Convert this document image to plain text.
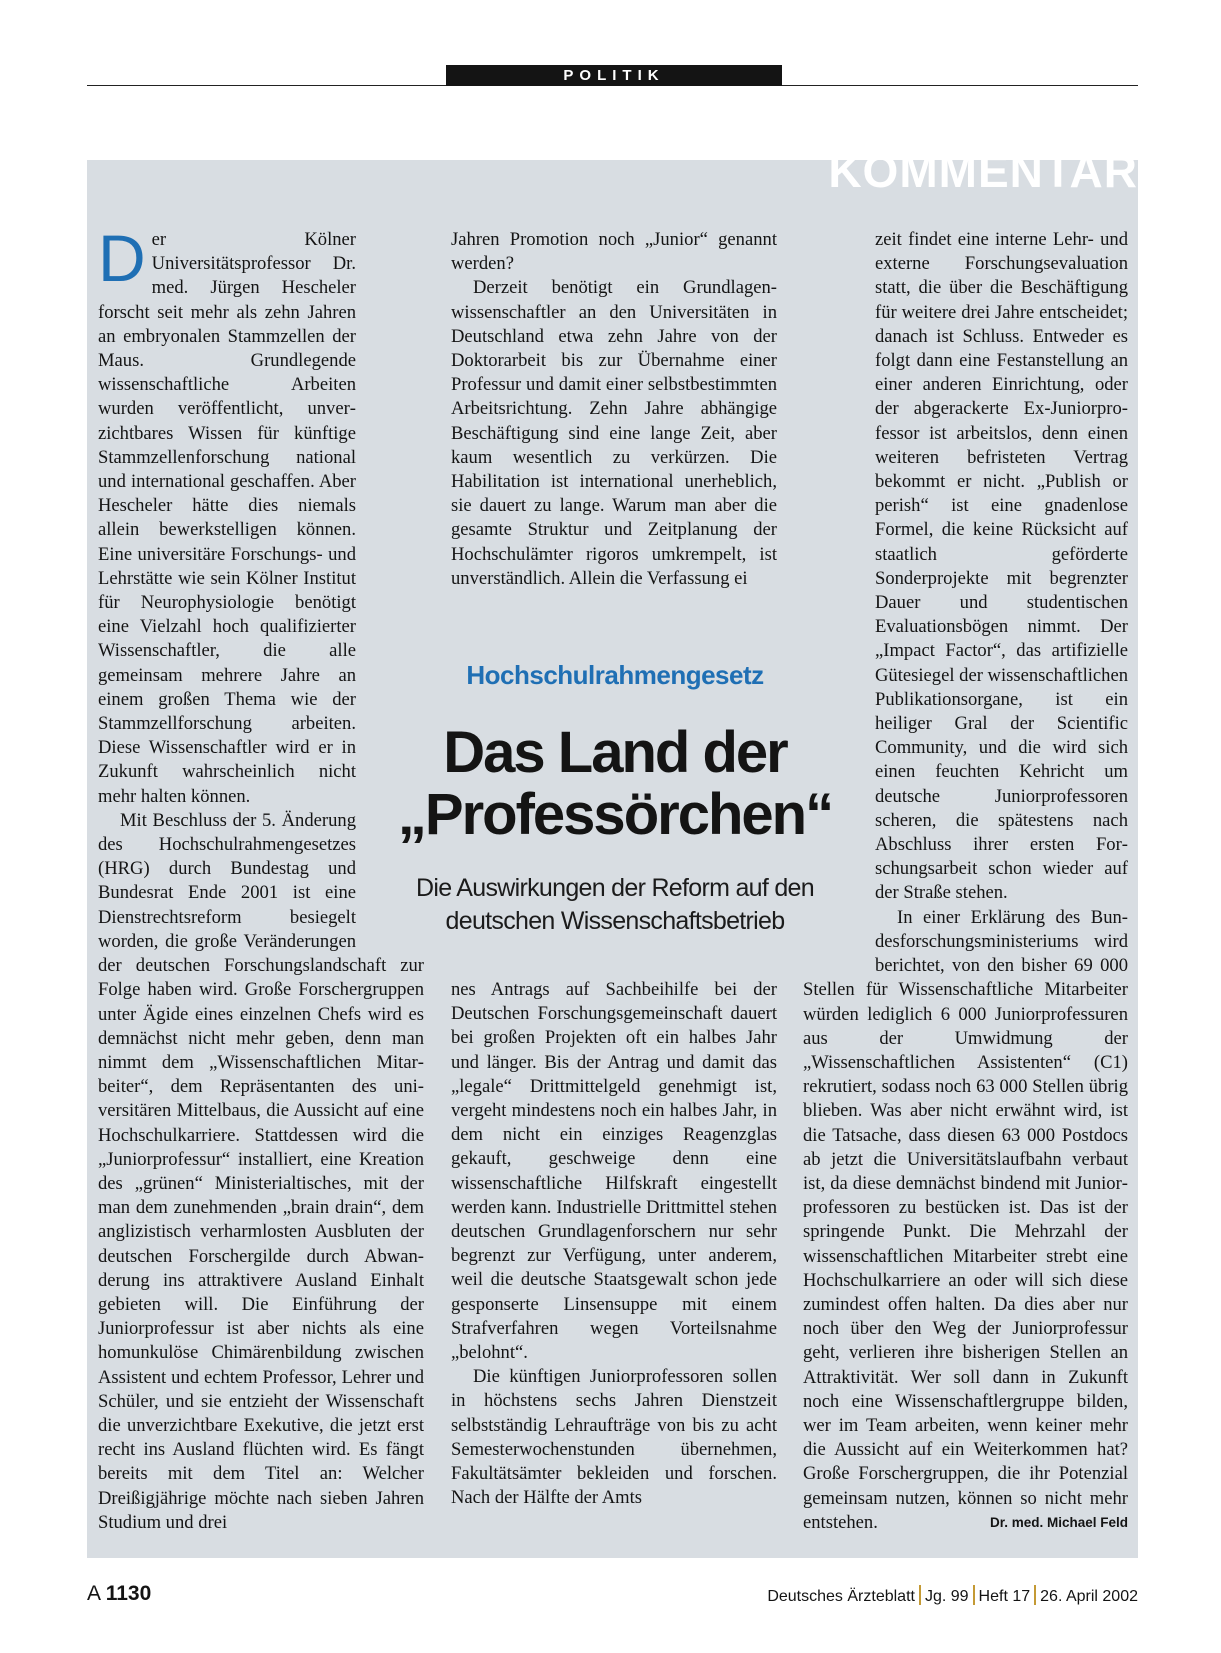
POLITIK
KOMMENTAR

Der Kölner Universitätsprofessor Dr. med. Jürgen Hescheler forscht seit mehr als zehn Jahren an embryonalen Stammzellen der Maus. Grundlegende wissenschaftliche Arbeiten wurden veröffentlicht, unverzichtbares Wissen für künftige Stammzellenforschung national und international geschaffen. Aber Hescheler hätte dies niemals allein bewerkstelligen können. Eine universitäre Forschungs- und Lehrstätte wie sein Kölner Institut für Neurophysiologie benötigt eine Vielzahl hoch qualifizierter Wissenschaftler, die alle gemeinsam mehrere Jahre an einem großen Thema wie der Stammzellforschung arbeiten. Diese Wissenschaftler wird er in Zukunft wahrscheinlich nicht mehr halten können.

Mit Beschluss der 5. Änderung des Hochschulrahmengesetzes (HRG) durch Bundestag und Bundesrat Ende 2001 ist eine Dienstrechtsreform besiegelt worden, die große Veränderungen der deutschen Forschungslandschaft zur Folge haben wird. Große Forschergruppen unter Ägide eines einzelnen Chefs wird es demnächst nicht mehr geben, denn man nimmt dem „Wissenschaftlichen Mitarbeiter“, dem Repräsentanten des universitären Mittelbaus, die Aussicht auf eine Hochschulkarriere. Stattdessen wird die „Juniorprofessur“ installiert, eine Kreation des „grünen“ Ministerialtisches, mit der man dem zunehmenden „brain drain“, dem anglizistisch verharmlosten Ausbluten der deutschen Forschergilde durch Abwanderung ins attraktivere Ausland Einhalt gebieten will. Die Einführung der Juniorprofessur ist aber nichts als eine homunkulöse Chimärenbildung zwischen Assistent und echtem Professor, Lehrer und Schüler, und sie entzieht der Wissenschaft die unverzichtbare Exekutive, die jetzt erst recht ins Ausland flüchten wird. Es fängt bereits mit dem Titel an: Welcher Dreißigjährige möchte nach sieben Jahren Studium und drei

Jahren Promotion noch „Junior“ genannt werden?

Derzeit benötigt ein Grundlagenwissenschaftler an den Universitäten in Deutschland etwa zehn Jahre von der Doktorarbeit bis zur Übernahme einer Professur und damit einer selbstbestimmten Arbeitsrichtung. Zehn Jahre abhängige Beschäftigung sind eine lange Zeit, aber kaum wesentlich zu verkürzen. Die Habilitation ist international unerheblich, sie dauert zu lange. Warum man aber die gesamte Struktur und Zeitplanung der Hochschulämter rigoros umkrempelt, ist unverständlich. Allein die Verfassung ei

Hochschulrahmengesetz
Das Land der
„Professörchen“
Die Auswirkungen der Reform auf den
deutschen Wissenschaftsbetrieb

nes Antrags auf Sachbeihilfe bei der Deutschen Forschungsgemeinschaft dauert bei großen Projekten oft ein halbes Jahr und länger. Bis der Antrag und damit das „legale“ Drittmittelgeld genehmigt ist, vergeht mindestens noch ein halbes Jahr, in dem nicht ein einziges Reagenzglas gekauft, geschweige denn eine wissenschaftliche Hilfskraft eingestellt werden kann. Industrielle Drittmittel stehen deutschen Grundlagenforschern nur sehr begrenzt zur Verfügung, unter anderem, weil die deutsche Staatsgewalt schon jede gesponserte Linsensuppe mit einem Strafverfahren wegen Vorteilsnahme „belohnt“.

Die künftigen Juniorprofessoren sollen in höchstens sechs Jahren Dienstzeit selbstständig Lehraufträge von bis zu acht Semesterwochenstunden übernehmen, Fakultätsämter bekleiden und forschen. Nach der Hälfte der Amts

zeit findet eine interne Lehr- und externe Forschungsevaluation statt, die über die Beschäftigung für weitere drei Jahre entscheidet; danach ist Schluss. Entweder es folgt dann eine Festanstellung an einer anderen Einrichtung, oder der abgerackerte Ex-Juniorprofessor ist arbeitslos, denn einen weiteren befristeten Vertrag bekommt er nicht. „Publish or perish“ ist eine gnadenlose Formel, die keine Rücksicht auf staatlich geförderte Sonderprojekte mit begrenzter Dauer und studentischen Evaluationsbögen nimmt. Der „Impact Factor“, das artifizielle Gütesiegel der wissenschaftlichen Publikationsorgane, ist ein heiliger Gral der Scientific Community, und die wird sich einen feuchten Kehricht um deutsche Juniorprofessoren scheren, die spätestens nach Abschluss ihrer ersten Forschungsarbeit schon wieder auf der Straße stehen.

In einer Erklärung des Bundesforschungsministeriums wird berichtet, von den bisher 69 000 Stellen für Wissenschaftliche Mitarbeiter würden lediglich 6 000 Juniorprofessuren aus der Umwidmung der „Wissenschaftlichen Assistenten“ (C1) rekrutiert, sodass noch 63 000 Stellen übrig blieben. Was aber nicht erwähnt wird, ist die Tatsache, dass diesen 63 000 Postdocs ab jetzt die Universitätslaufbahn verbaut ist, da diese demnächst bindend mit Juniorprofessoren zu bestücken ist. Das ist der springende Punkt. Die Mehrzahl der wissenschaftlichen Mitarbeiter strebt eine Hochschulkarriere an oder will sich diese zumindest offen halten. Da dies aber nur noch über den Weg der Juniorprofessur geht, verlieren ihre bisherigen Stellen an Attraktivität. Wer soll dann in Zukunft noch eine Wissenschaftlergruppe bilden, wer im Team arbeiten, wenn keiner mehr die Aussicht auf ein Weiterkommen hat? Große Forschergruppen, die ihr Potenzial gemeinsam nutzen, können so nicht mehr entstehen.	Dr. med. Michael Feld

A 1130	Deutsches Ärzteblatt Jg. 99 Heft 17 26. April 2002
